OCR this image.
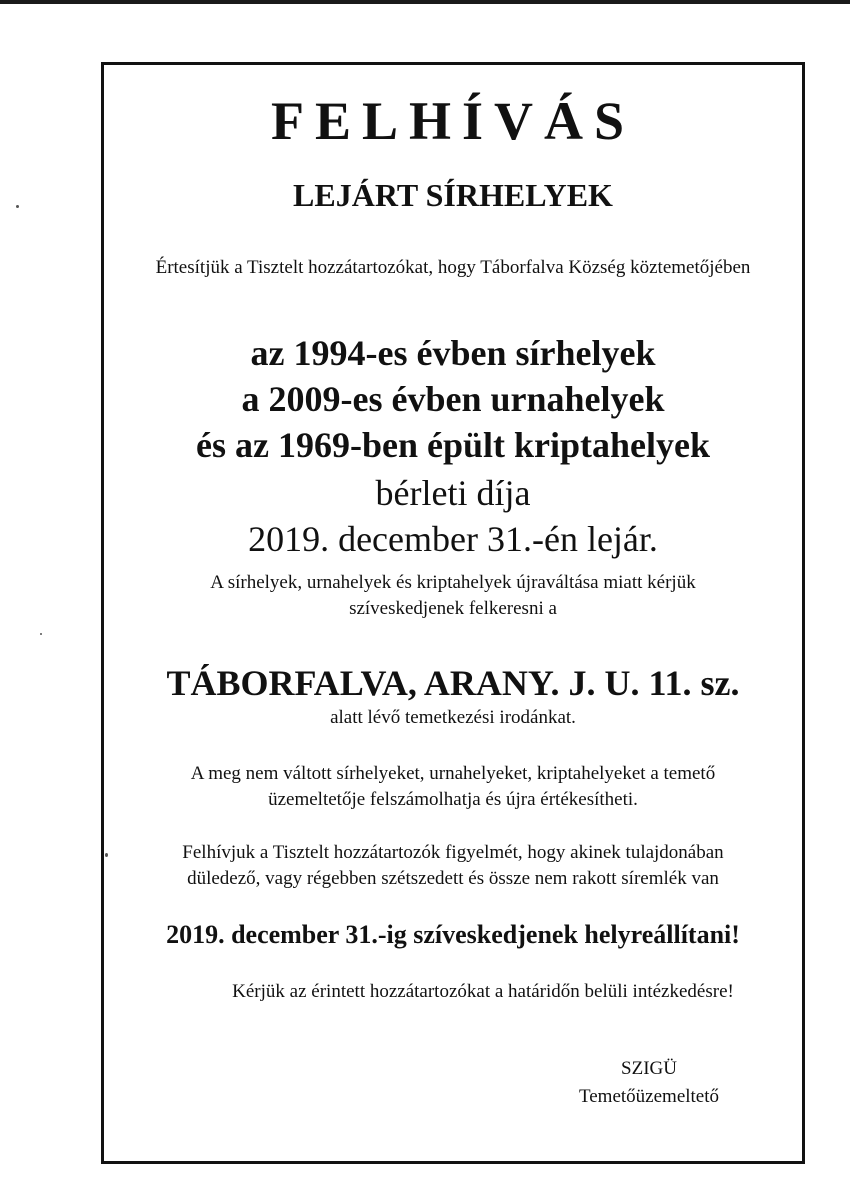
FELHÍVÁS
LEJÁRT SÍRHELYEK
Értesítjük a Tisztelt hozzátartozókat, hogy Táborfalva Község köztemetőjében
az 1994-es évben sírhelyek
a 2009-es évben urnahelyek
és az 1969-ben épült kriptahelyek
bérleti díja
2019. december 31.-én lejár.
A sírhelyek, urnahelyek és kriptahelyek újraváltása miatt kérjük
szíveskedjenek felkeresni a
TÁBORFALVA, ARANY. J. U. 11. sz.
alatt lévő temetkezési irodánkat.
A meg nem váltott sírhelyeket, urnahelyeket, kriptahelyeket a temető
üzemeltetője felszámolhatja és újra értékesítheti.
Felhívjuk a Tisztelt hozzátartozók figyelmét, hogy akinek tulajdonában
düledező, vagy régebben szétszedett és össze nem rakott síremlék van
2019. december 31.-ig szíveskedjenek helyreállítani!
Kérjük az érintett hozzátartozókat a határidőn belüli intézkedésre!
SZIGÜ
Temetőüzemeltető
